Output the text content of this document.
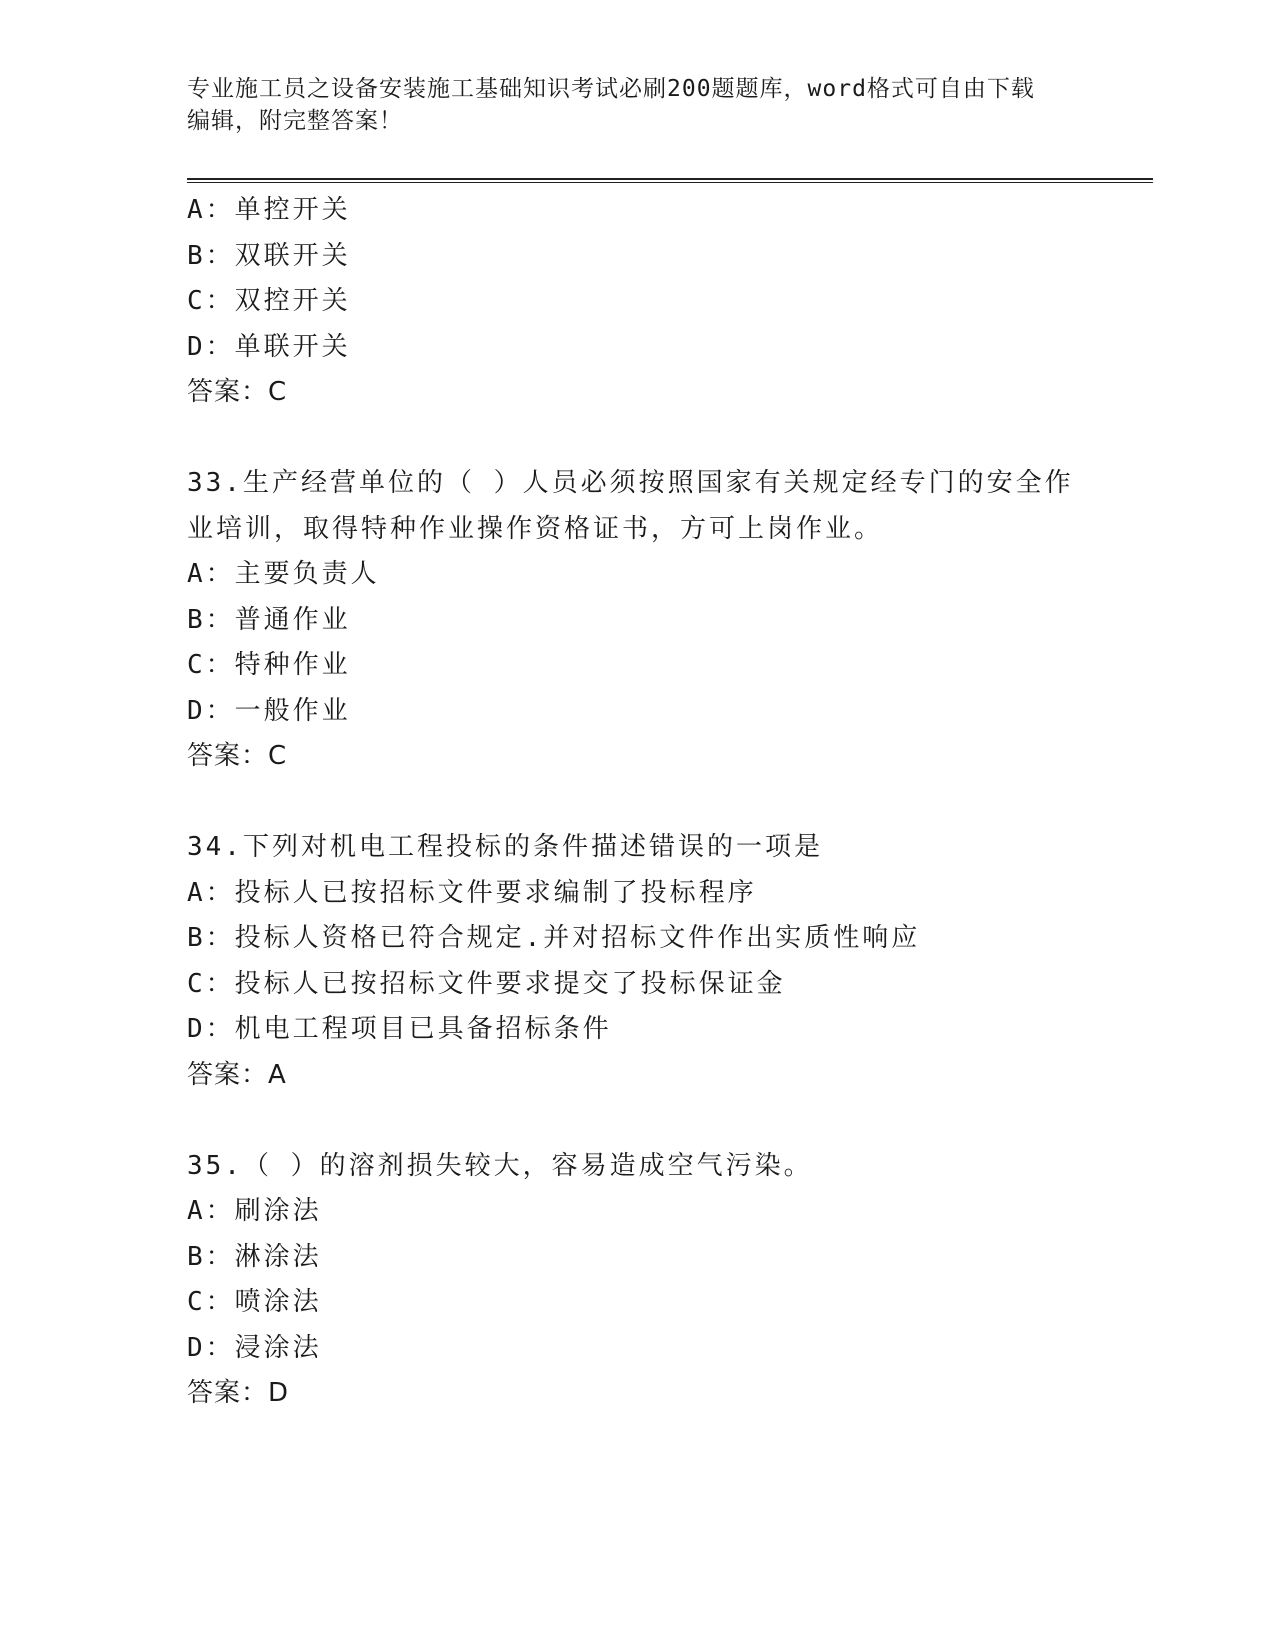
专业施工员之设备安装施工基础知识考试必刷200题题库，word格式可自由下载
编辑，附完整答案！
A：单控开关
B：双联开关
C：双控开关
D：单联开关
答案：C
33.生产经营单位的（ ）人员必须按照国家有关规定经专门的安全作
业培训，取得特种作业操作资格证书，方可上岗作业。
A：主要负责人
B：普通作业
C：特种作业
D：一般作业
答案：C
34.下列对机电工程投标的条件描述错误的一项是
A：投标人已按招标文件要求编制了投标程序
B：投标人资格已符合规定.并对招标文件作出实质性响应
C：投标人已按招标文件要求提交了投标保证金
D：机电工程项目已具备招标条件
答案：A
35.（ ）的溶剂损失较大，容易造成空气污染。
A：刷涂法
B：淋涂法
C：喷涂法
D：浸涂法
答案：D
